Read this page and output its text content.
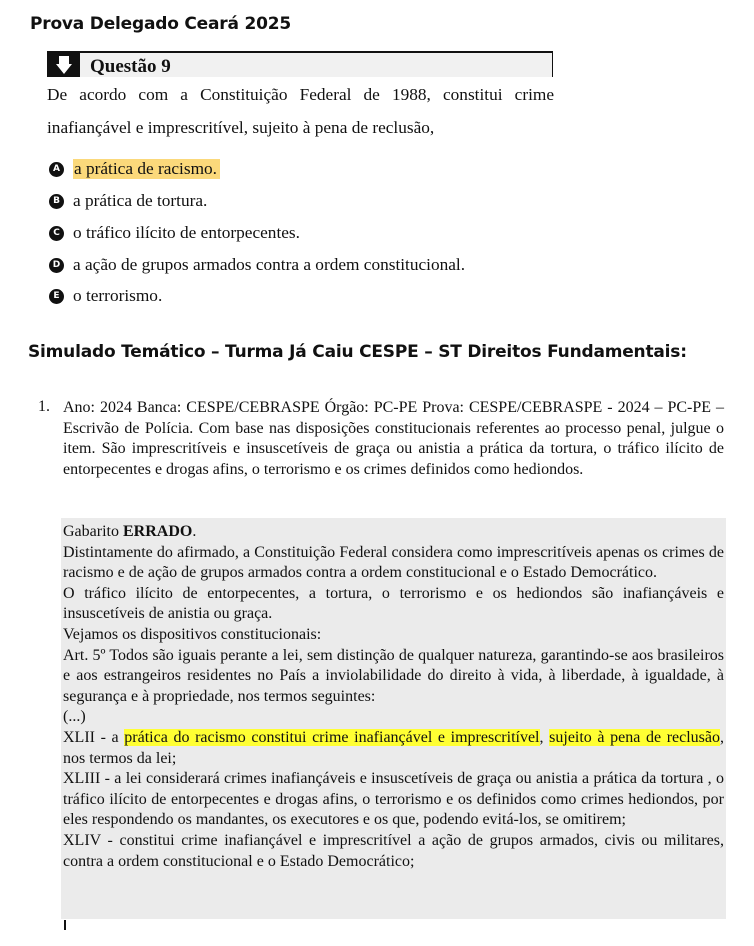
Prova Delegado Ceará 2025
Questão 9
De acordo com a Constituição Federal de 1988, constitui crime inafiançável e imprescritível, sujeito à pena de reclusão,
A a prática de racismo.
B a prática de tortura.
C o tráfico ilícito de entorpecentes.
D a ação de grupos armados contra a ordem constitucional.
E o terrorismo.
Simulado Temático – Turma Já Caiu CESPE – ST Direitos Fundamentais:
1. Ano: 2024 Banca: CESPE/CEBRASPE Órgão: PC-PE Prova: CESPE/CEBRASPE - 2024 – PC-PE – Escrivão de Polícia. Com base nas disposições constitucionais referentes ao processo penal, julgue o item. São imprescritíveis e insuscetíveis de graça ou anistia a prática da tortura, o tráfico ilícito de entorpecentes e drogas afins, o terrorismo e os crimes definidos como hediondos.

Gabarito ERRADO.

Distintamente do afirmado, a Constituição Federal considera como imprescritíveis apenas os crimes de racismo e de ação de grupos armados contra a ordem constitucional e o Estado Democrático.

O tráfico ilícito de entorpecentes, a tortura, o terrorismo e os hediondos são inafiançáveis e insuscetíveis de anistia ou graça.

Vejamos os dispositivos constitucionais:

Art. 5º Todos são iguais perante a lei, sem distinção de qualquer natureza, garantindo-se aos brasileiros e aos estrangeiros residentes no País a inviolabilidade do direito à vida, à liberdade, à igualdade, à segurança e à propriedade, nos termos seguintes:

(...)

XLII - a prática do racismo constitui crime inafiançável e imprescritível, sujeito à pena de reclusão, nos termos da lei;

XLIII - a lei considerará crimes inafiançáveis e insuscetíveis de graça ou anistia a prática da tortura , o tráfico ilícito de entorpecentes e drogas afins, o terrorismo e os definidos como crimes hediondos, por eles respondendo os mandantes, os executores e os que, podendo evitá-los, se omitirem;

XLIV - constitui crime inafiançável e imprescritível a ação de grupos armados, civis ou militares, contra a ordem constitucional e o Estado Democrático;
